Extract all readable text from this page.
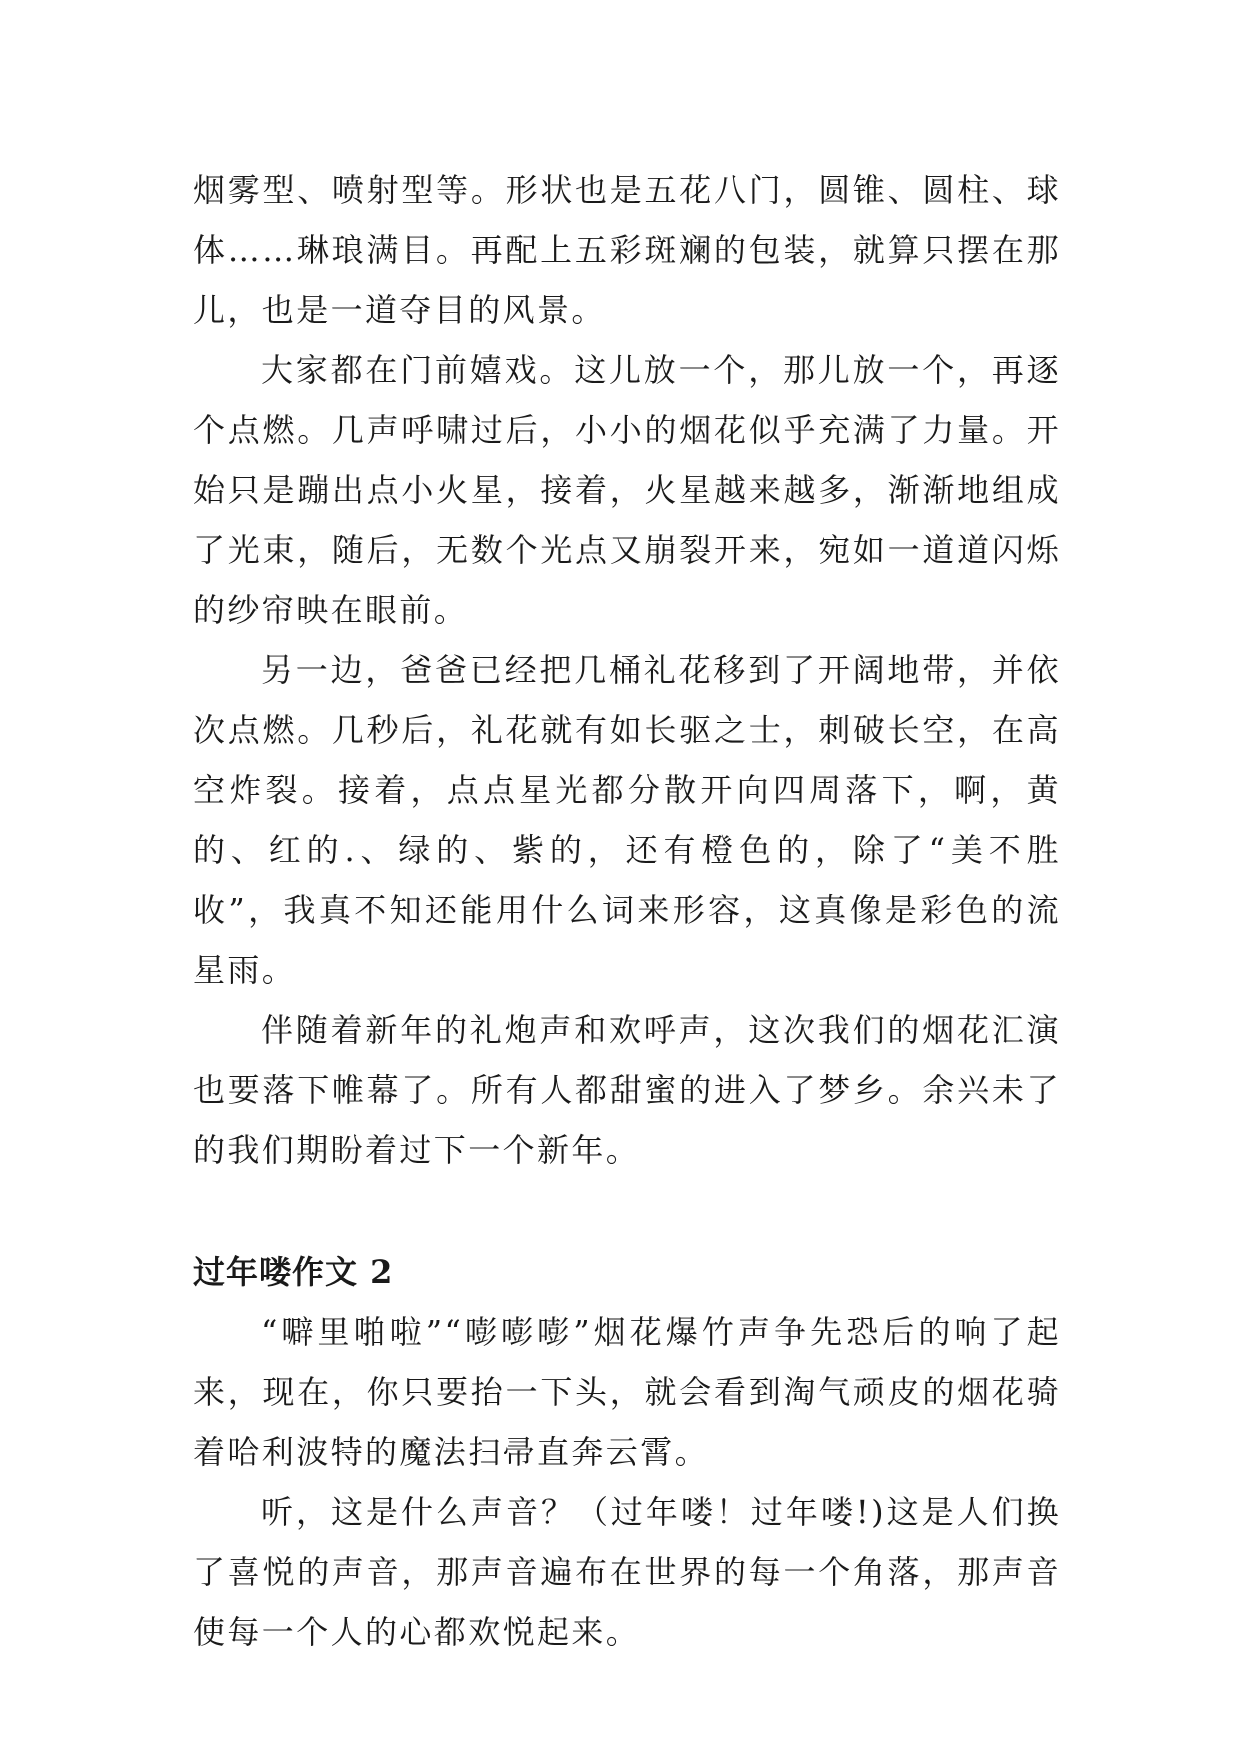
烟雾型、喷射型等。形状也是五花八门，圆锥、圆柱、球体……琳琅满目。再配上五彩斑斓的包装，就算只摆在那儿，也是一道夺目的风景。

大家都在门前嬉戏。这儿放一个，那儿放一个，再逐个点燃。几声呼啸过后，小小的烟花似乎充满了力量。开始只是蹦出点小火星，接着，火星越来越多，渐渐地组成了光束，随后，无数个光点又崩裂开来，宛如一道道闪烁的纱帘映在眼前。

另一边，爸爸已经把几桶礼花移到了开阔地带，并依次点燃。几秒后，礼花就有如长驱之士，刺破长空，在高空炸裂。接着，点点星光都分散开向四周落下，啊，黄的、红的.、绿的、紫的，还有橙色的，除了“美不胜收”，我真不知还能用什么词来形容，这真像是彩色的流星雨。

伴随着新年的礼炮声和欢呼声，这次我们的烟花汇演也要落下帷幕了。所有人都甜蜜的进入了梦乡。余兴未了的我们期盼着过下一个新年。

过年喽作文 2

“噼里啪啦”“嘭嘭嘭”烟花爆竹声争先恐后的响了起来，现在，你只要抬一下头，就会看到淘气顽皮的烟花骑着哈利波特的魔法扫帚直奔云霄。

听，这是什么声音？（过年喽！过年喽!)这是人们换了喜悦的声音，那声音遍布在世界的每一个角落，那声音使每一个人的心都欢悦起来。
